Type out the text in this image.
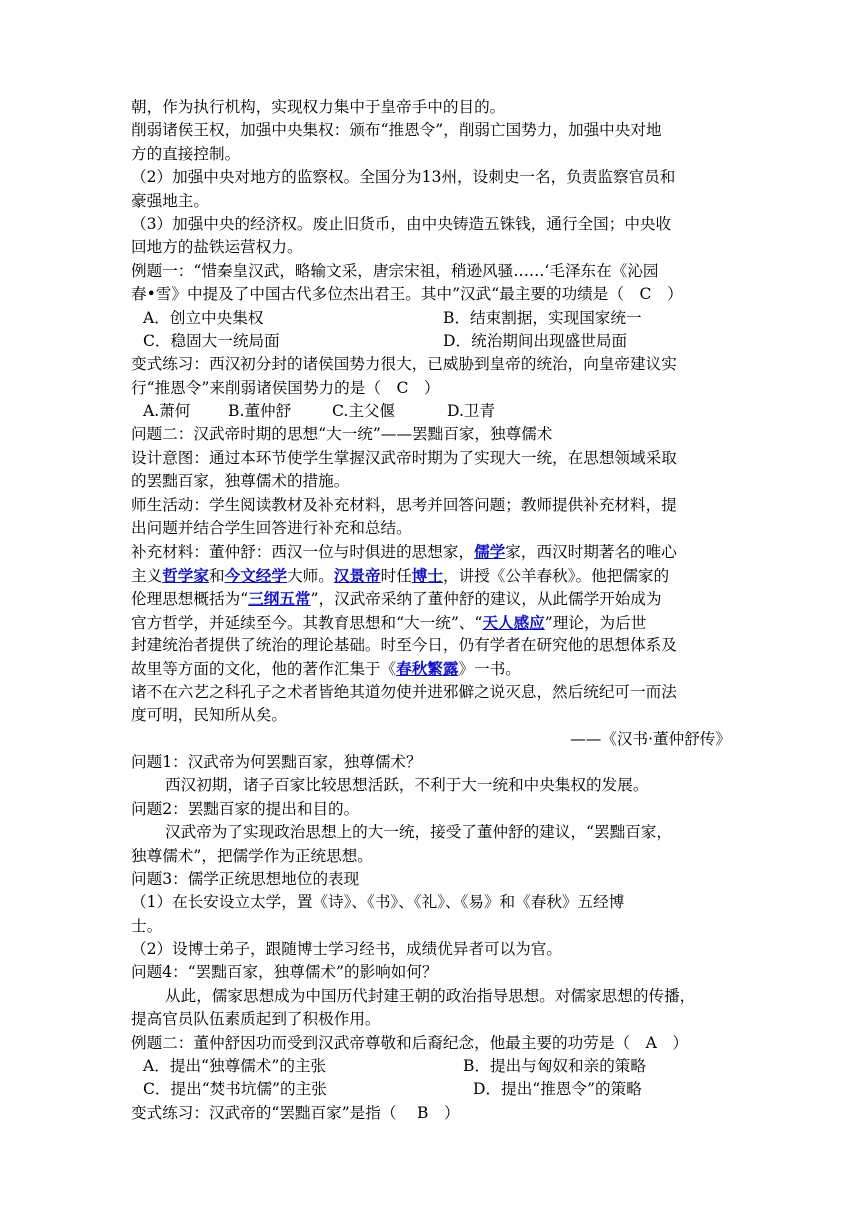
朝，作为执行机构，实现权力集中于皇帝手中的目的。
削弱诸侯王权，加强中央集权：颁布“推恩令”，削弱亡国势力，加强中央对地
方的直接控制。
（2）加强中央对地方的监察权。全国分为13州，设刺史一名，负责监察官员和
豪强地主。
（3）加强中央的经济权。废止旧货币，由中央铸造五铢钱，通行全国；中央收
回地方的盐铁运营权力。
例题一：“惜秦皇汉武，略输文采，唐宗宋祖，稍逊风骚……‘毛泽东在《沁园
春•雪》中提及了中国古代多位杰出君王。其中”汉武“最主要的功绩是（　C　）
A．创立中央集权	B．结束割据，实现国家统一
C．稳固大一统局面	D．统治期间出现盛世局面
变式练习：西汉初分封的诸侯国势力很大，已威胁到皇帝的统治，向皇帝建议实
行“推恩令”来削弱诸侯国势力的是（　C　）
A.萧何 B.董仲舒	C.主父偃	D.卫青
问题二：汉武帝时期的思想“大一统”——罢黜百家，独尊儒术
设计意图：通过本环节使学生掌握汉武帝时期为了实现大一统，在思想领域采取
的罢黜百家，独尊儒术的措施。
师生活动：学生阅读教材及补充材料，思考并回答问题；教师提供补充材料，提
出问题并结合学生回答进行补充和总结。
补充材料：董仲舒：西汉一位与时俱进的思想家，儒学家，西汉时期著名的唯心
主义哲学家和今文经学大师。汉景帝时任博士，讲授《公羊春秋》。他把儒家的
伦理思想概括为“三纲五常”，汉武帝采纳了董仲舒的建议，从此儒学开始成为
官方哲学，并延续至今。其教育思想和“大一统”、“天人感应”理论，为后世
封建统治者提供了统治的理论基础。时至今日，仍有学者在研究他的思想体系及
故里等方面的文化，他的著作汇集于《春秋繁露》一书。
诸不在六艺之科孔子之术者皆绝其道勿使并进邪僻之说灭息，然后统纪可一而法
度可明，民知所从矣。
——《汉书·董仲舒传》
问题1：汉武帝为何罢黜百家，独尊儒术？
西汉初期，诸子百家比较思想活跃，不利于大一统和中央集权的发展。
问题2：罢黜百家的提出和目的。
汉武帝为了实现政治思想上的大一统，接受了董仲舒的建议，“罢黜百家，
独尊儒术”，把儒学作为正统思想。
问题3：儒学正统思想地位的表现
（1）在长安设立太学，置《诗》、《书》、《礼》、《易》和《春秋》五经博
士。
（2）设博士弟子，跟随博士学习经书，成绩优异者可以为官。
问题4：“罢黜百家，独尊儒术”的影响如何？
从此，儒家思想成为中国历代封建王朝的政治指导思想。对儒家思想的传播，
提高官员队伍素质起到了积极作用。
例题二：董仲舒因功而受到汉武帝尊敬和后裔纪念，他最主要的功劳是（　A　）
A．提出“独尊儒术”的主张	B．提出与匈奴和亲的策略
C．提出“焚书坑儒”的主张	D．提出“推恩令”的策略
变式练习：汉武帝的“罢黜百家”是指（　 B　）
